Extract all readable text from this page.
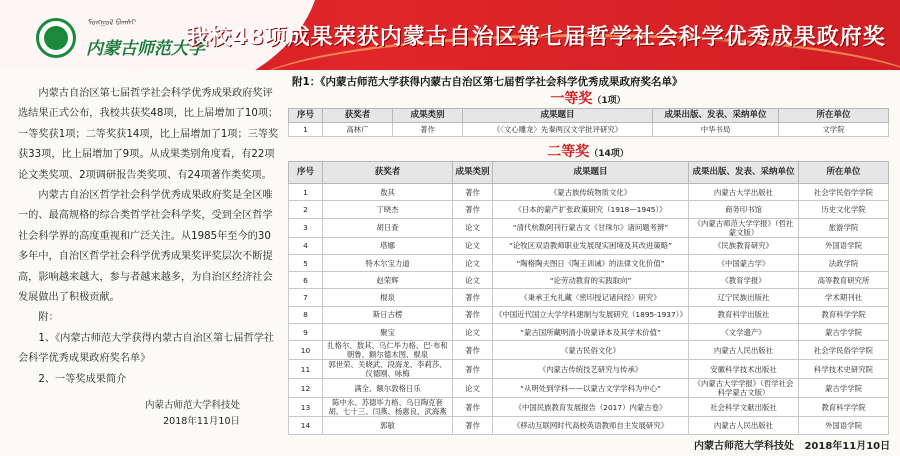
ᠮᠣᠩᠭᠣᠯ ᠪᠠᠭᠰᠢ
内蒙古师范大学
我校48项成果荣获内蒙古自治区第七届哲学社会科学优秀成果政府奖

内蒙古自治区第七届哲学社会科学优秀成果政府奖评选结果正式公布，我校共获奖48项，比上届增加了10项；一等奖获1项；二等奖获14项，比上届增加了1项；三等奖获33项，比上届增加了9项。从成果类别角度看，有22项论文类奖项、2项调研报告类奖项、有24项著作类奖项。

内蒙古自治区哲学社会科学优秀成果政府奖是全区唯一的、最高规格的综合类哲学社会科学奖，受到全区哲学社会科学界的高度重视和广泛关注。从1985年至今的30多年中，自治区哲学社会科学优秀成果奖评奖层次不断提高，影响越来越大，参与者越来越多，为自治区经济社会发展做出了积极贡献。

附：

1、《内蒙古师范大学获得内蒙古自治区第七届哲学社会科学优秀成果政府奖名单》

2、一等奖成果简介

内蒙古师范大学科技处
2018年11月10日
附1：《内蒙古师范大学获得内蒙古自治区第七届哲学社会科学优秀成果政府奖名单》
一等奖（1项）
序号	获奖者	成果类别	成果题目	成果出版、发表、采纳单位	所在单位
1	高林广	著作	《〈文心雕龙〉先秦两汉文学批评研究》	中华书局	文学院
二等奖（14项）
序号	获奖者	成果类别	成果题目	成果出版、发表、采纳单位	所在单位
1	敖其	著作	《蒙古族传统物质文化》	内蒙古大学出版社	社会学民俗学学院
2	丁晓杰	著作	《日本的蒙产扩张政策研究（1918—1945）》	商务印书馆	历史文化学院
3	胡日查	论文	“清代杭勒阿刊行蒙古文《甘珠尔》诸问题考辨”	《内蒙古师范大学学报》（哲社蒙文版）	旅游学院
4	塔娜	论文	“论牧区双语教师职业发展现实困境及其改进策略”	《民族教育研究》	外国语学院
5	特木尔宝力道	论文	“陶格陶夫图日《陶王训诫》的法律文化价值”	《中国蒙古学》	法政学院
6	赵荣辉	论文	“论劳动教育的实践取向”	《教育学报》	高等教育研究所
7	棍泉	著作	《秉承王允礼藏〈密印授记诸问经〉研究》	辽宁民族出版社	学术期刊社
8	斯日古楞	著作	《中国近代国立大学学科建制与发展研究（1895-1937）》	教育科学出版社	教育科学学院
9	聚宝	论文	“蒙古国所藏明清小说蒙译本及其学术价值”	《文学遗产》	蒙古学学院
10	扎格尔、敖其、乌仁毕力格、巴·布和朝鲁、额尔德木图、棍泉	著作	《蒙古民俗文化》	内蒙古人民出版社	社会学民俗学学院
11	郭世荣、关晓武、段海龙、李莉莎、仪德刚、咏梅	著作	《内蒙古传统技艺研究与传承》	安徽科学技术出版社	科学技术史研究院
12	满全、额尔敦格日乐	论文	“从明处到学科——以蒙古文学学科为中心”	《内蒙古大学学报》（哲学社会科学蒙古文版）	蒙古学学院
13	陈中永、苏德毕力格、乌日陶克套胡、七十三、闫燕、杨惠良、武海燕	著作	《中国民族教育发展报告（2017）内蒙古卷》	社会科学文献出版社	教育科学学院
14	郭敏	著作	《移动互联网时代高校英语教师自主发展研究》	内蒙古人民出版社	外国语学院
内蒙古师范大学科技处 2018年11月10日
